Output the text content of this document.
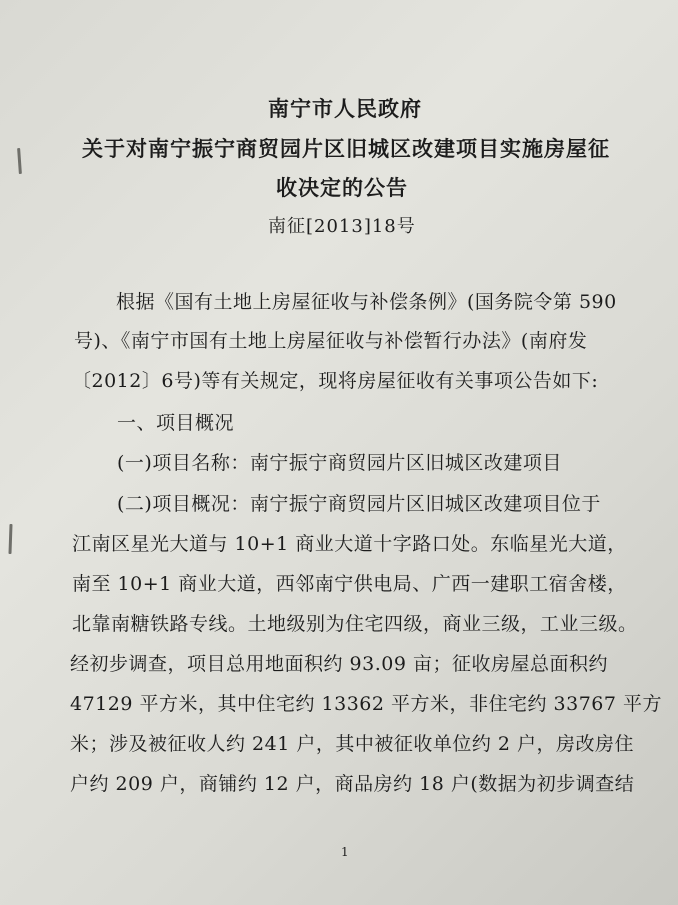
南宁市人民政府
关于对南宁振宁商贸园片区旧城区改建项目实施房屋征
收决定的公告
南征[2013]18号
根据《国有土地上房屋征收与补偿条例》(国务院令第 590
号)、《南宁市国有土地上房屋征收与补偿暂行办法》(南府发
〔2012〕6号)等有关规定，现将房屋征收有关事项公告如下:
一、项目概况
(一)项目名称：南宁振宁商贸园片区旧城区改建项目
(二)项目概况：南宁振宁商贸园片区旧城区改建项目位于
江南区星光大道与 10+1 商业大道十字路口处。东临星光大道，
南至 10+1 商业大道，西邻南宁供电局、广西一建职工宿舍楼，
北靠南糖铁路专线。土地级别为住宅四级，商业三级，工业三级。
经初步调查，项目总用地面积约 93.09 亩；征收房屋总面积约
47129 平方米，其中住宅约 13362 平方米，非住宅约 33767 平方
米；涉及被征收人约 241 户，其中被征收单位约 2 户，房改房住
户约 209 户，商铺约 12 户，商品房约 18 户(数据为初步调查结
1
